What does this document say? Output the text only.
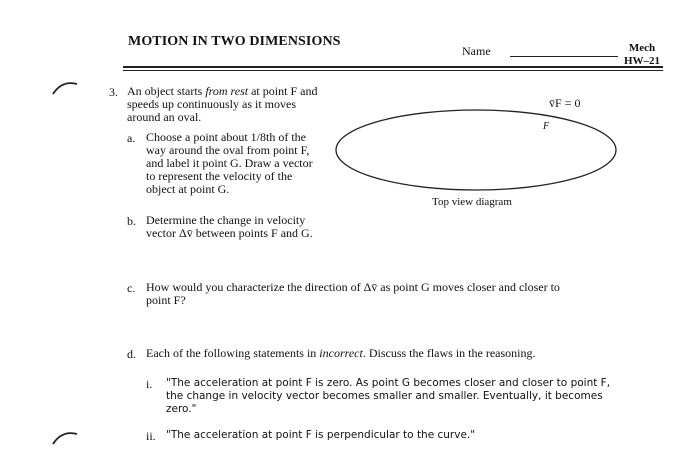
MOTION IN TWO DIMENSIONS
Name	Mech
HW–21
3. An object starts from rest at point F and
speeds up continuously as it moves
around an oval.
a. Choose a point about 1/8th of the
way around the oval from point F,
and label it point G. Draw a vector
to represent the velocity of the
object at point G.
b. Determine the change in velocity
vector Δv̄ between points F and G.
v̄F = 0
F
Top view diagram
c. How would you characterize the direction of Δv̄ as point G moves closer and closer to
point F?
d. Each of the following statements in incorrect. Discuss the flaws in the reasoning.
i. "The acceleration at point F is zero. As point G becomes closer and closer to point F,
the change in velocity vector becomes smaller and smaller. Eventually, it becomes zero."
ii. "The acceleration at point F is perpendicular to the curve."
